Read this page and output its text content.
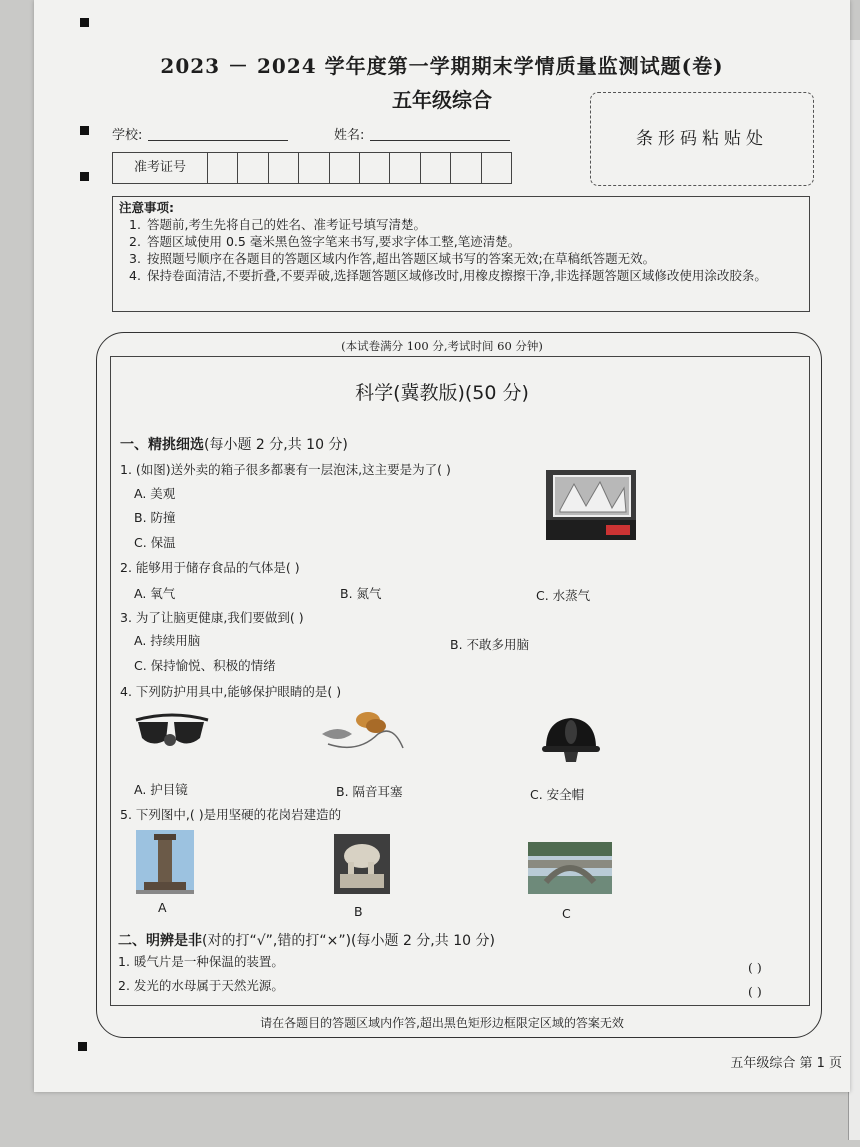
2023 － 2024 学年度第一学期期末学情质量监测试题(卷)
五年级综合
学校:	姓名:	条形码粘贴处
准考证号
注意事项:
1. 答题前,考生先将自己的姓名、准考证号填写清楚。
2. 答题区域使用 0.5 毫米黑色签字笔来书写,要求字体工整,笔迹清楚。
3. 按照题号顺序在各题目的答题区域内作答,超出答题区域书写的答案无效;在草稿纸答题无效。
4. 保持卷面清洁,不要折叠,不要弄破,选择题答题区域修改时,用橡皮擦擦干净,非选择题答题区域修改使用涂改胶条。
(本试卷满分 100 分,考试时间 60 分钟)
科学(冀教版)(50 分)
一、精挑细选(每小题 2 分,共 10 分)
1. (如图)送外卖的箱子很多都裹有一层泡沫,这主要是为了( )
A. 美观
B. 防撞
C. 保温
2. 能够用于储存食品的气体是( )
A. 氧气	B. 氮气	C. 水蒸气
3. 为了让脑更健康,我们要做到( )
A. 持续用脑	B. 不敢多用脑
C. 保持愉悦、积极的情绪
4. 下列防护用具中,能够保护眼睛的是( )
A. 护目镜	B. 隔音耳塞	C. 安全帽
5. 下列图中,( )是用坚硬的花岗岩建造的
A	B	C
二、明辨是非(对的打“√”,错的打“×”)(每小题 2 分,共 10 分)
1. 暖气片是一种保温的装置。	( )
2. 发光的水母属于天然光源。	( )
请在各题目的答题区域内作答,超出黑色矩形边框限定区域的答案无效
五年级综合 第 1 页
